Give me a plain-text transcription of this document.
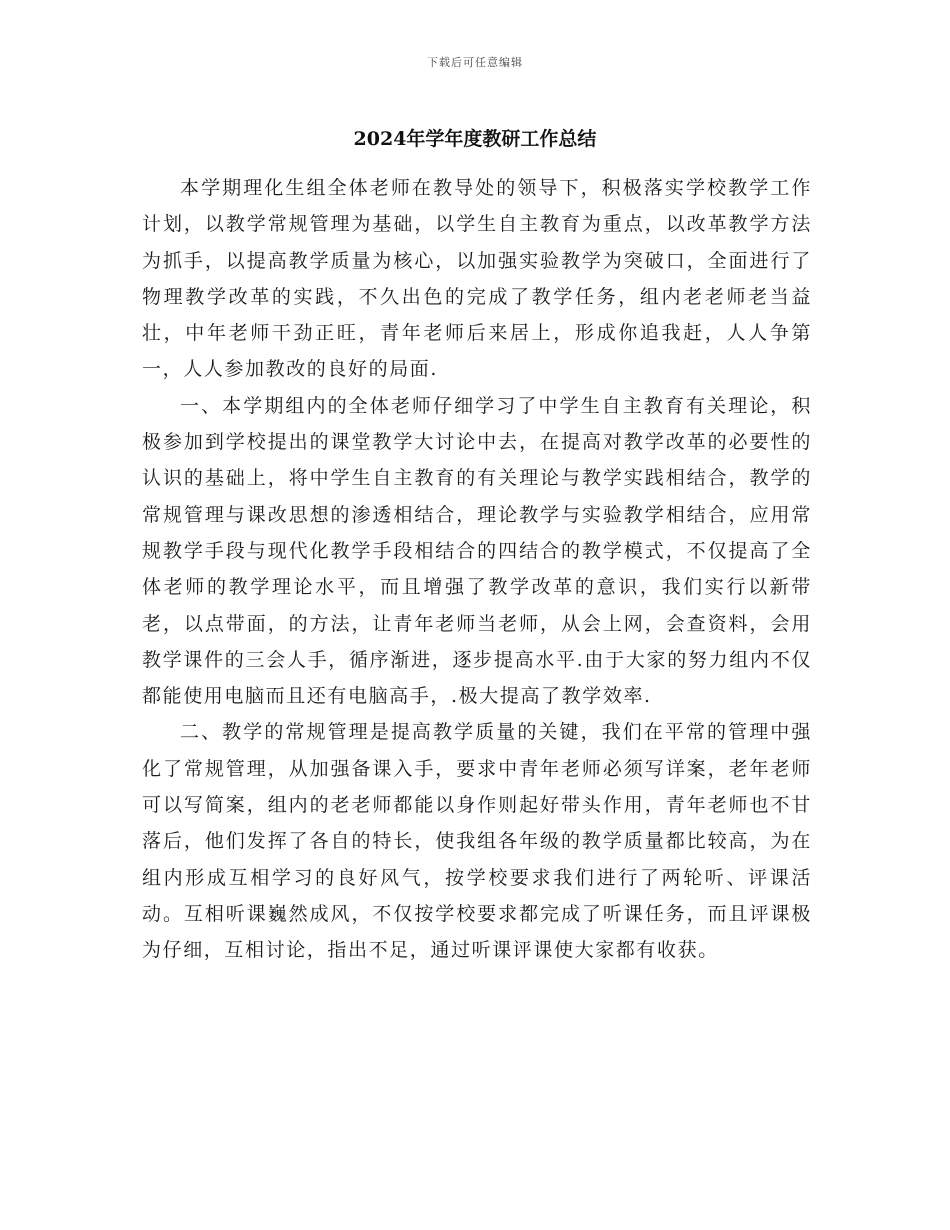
下载后可任意编辑
2024年学年度教研工作总结

本学期理化生组全体老师在教导处的领导下，积极落实学校教学工作计划，以教学常规管理为基础，以学生自主教育为重点，以改革教学方法为抓手，以提高教学质量为核心，以加强实验教学为突破口，全面进行了物理教学改革的实践，不久出色的完成了教学任务，组内老老师老当益壮，中年老师干劲正旺，青年老师后来居上，形成你追我赶，人人争第一，人人参加教改的良好的局面.

一、本学期组内的全体老师仔细学习了中学生自主教育有关理论，积极参加到学校提出的课堂教学大讨论中去，在提高对教学改革的必要性的认识的基础上，将中学生自主教育的有关理论与教学实践相结合，教学的常规管理与课改思想的渗透相结合，理论教学与实验教学相结合，应用常规教学手段与现代化教学手段相结合的四结合的教学模式，不仅提高了全体老师的教学理论水平，而且增强了教学改革的意识，我们实行以新带老，以点带面，的方法，让青年老师当老师，从会上网，会查资料，会用教学课件的三会人手，循序渐进，逐步提高水平.由于大家的努力组内不仅都能使用电脑而且还有电脑高手，.极大提高了教学效率.

二、教学的常规管理是提高教学质量的关键，我们在平常的管理中强化了常规管理，从加强备课入手，要求中青年老师必须写详案，老年老师可以写简案，组内的老老师都能以身作则起好带头作用，青年老师也不甘落后，他们发挥了各自的特长，使我组各年级的教学质量都比较高，为在组内形成互相学习的良好风气，按学校要求我们进行了两轮听、评课活动。互相听课巍然成风，不仅按学校要求都完成了听课任务，而且评课极为仔细，互相讨论，指出不足，通过听课评课使大家都有收获。
